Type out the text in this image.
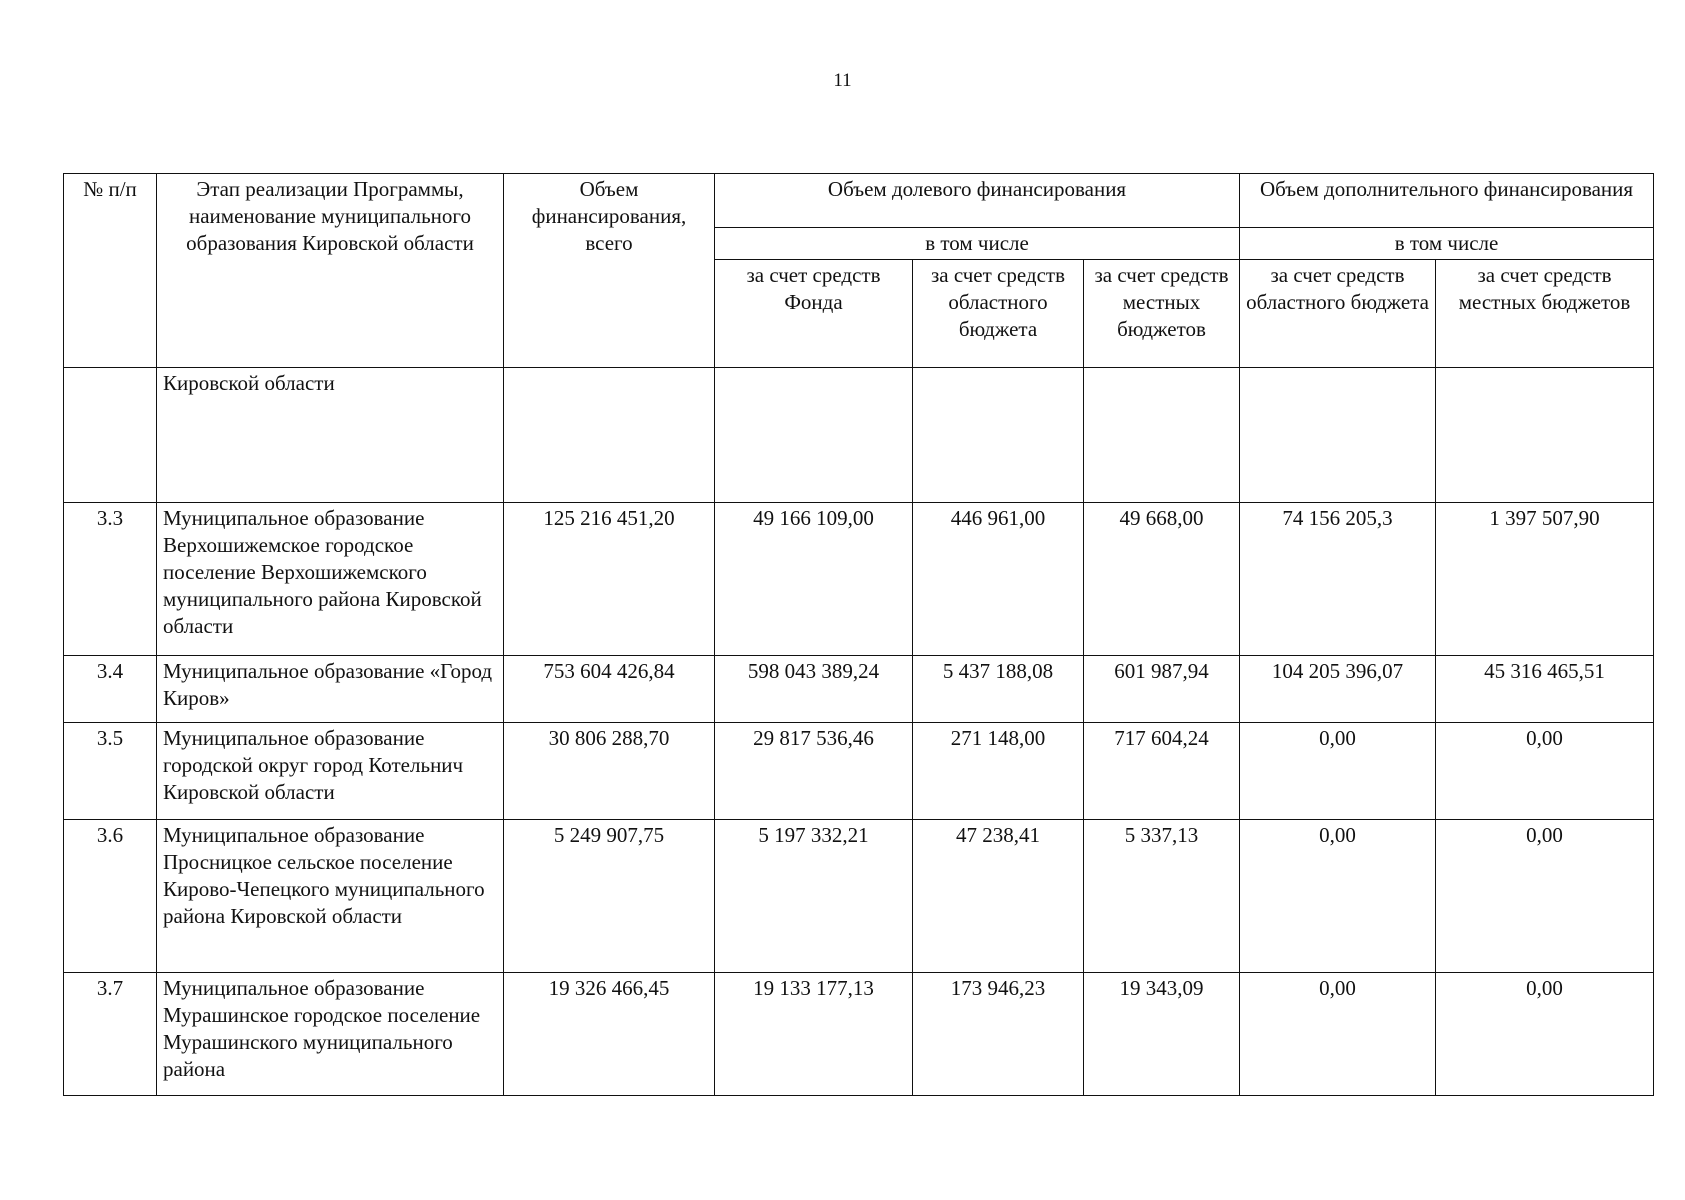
11
№ п/п	Этап реализации Программы, наименование муниципального образования Кировской области	Объем финансирования, всего	Объем долевого финансирования			Объем дополнительного финансирования	
			в том числе			в том числе	
			за счет средств Фонда	за счет средств областного бюджета	за счет средств местных бюджетов	за счет средств областного бюджета	за счет средств местных бюджетов
	Кировской области						
3.3	Муниципальное образование Верхошижемское городское поселение Верхошижемского муниципального района Кировской области	125 216 451,20	49 166 109,00	446 961,00	49 668,00	74 156 205,3	1 397 507,90
3.4	Муниципальное образование «Город Киров»	753 604 426,84	598 043 389,24	5 437 188,08	601 987,94	104 205 396,07	45 316 465,51
3.5	Муниципальное образование городской округ город Котельнич Кировской области	30 806 288,70	29 817 536,46	271 148,00	717 604,24	0,00	0,00
3.6	Муниципальное образование Просницкое сельское поселение Кирово-Чепецкого муниципального района Кировской области	5 249 907,75	5 197 332,21	47 238,41	5 337,13	0,00	0,00
3.7	Муниципальное образование Мурашинское городское поселение Мурашинского муниципального района	19 326 466,45	19 133 177,13	173 946,23	19 343,09	0,00	0,00
